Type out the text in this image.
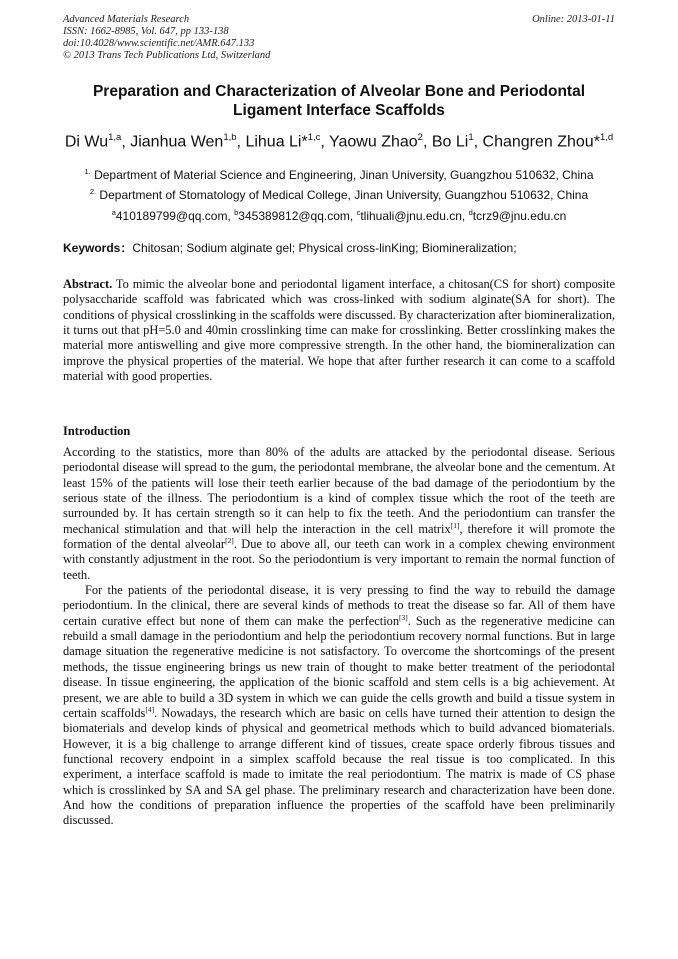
Advanced Materials Research
ISSN: 1662-8985, Vol. 647, pp 133-138
doi:10.4028/www.scientific.net/AMR.647.133
© 2013 Trans Tech Publications Ltd, Switzerland
Online: 2013-01-11
Preparation and Characterization of Alveolar Bone and Periodontal
Ligament Interface Scaffolds
Di Wu$^{1,a}$, Jianhua Wen$^{1,b}$, Lihua Li*$^{1,c}$, Yaowu Zhao$^2$, Bo Li$^1$, Changren Zhou*$^{1,d}$
$^{1.}$ Department of Material Science and Engineering, Jinan University, Guangzhou 510632, China
$^{2.}$ Department of Stomatology of Medical College, Jinan University, Guangzhou 510632, China
$^a$410189799@qq.com, $^b$345389812@qq.com, $^c$tlihuali@jnu.edu.cn, $^d$tcrz9@jnu.edu.cn
Keywords：Chitosan; Sodium alginate gel; Physical cross-linKing; Biomineralization;
Abstract. To mimic the alveolar bone and periodontal ligament interface, a chitosan(CS for short) composite polysaccharide scaffold was fabricated which was cross-linked with sodium alginate(SA for short). The conditions of physical crosslinking in the scaffolds were discussed. By characterization after biomineralization, it turns out that pH=5.0 and 40min crosslinking time can make for crosslinking. Better crosslinking makes the material more antiswelling and give more compressive strength. In the other hand, the biomineralization can improve the physical properties of the material. We hope that after further research it can come to a scaffold material with good properties.
Introduction

According to the statistics, more than 80% of the adults are attacked by the periodontal disease. Serious periodontal disease will spread to the gum, the periodontal membrane, the alveolar bone and the cementum. At least 15% of the patients will lose their teeth earlier because of the bad damage of the periodontium by the serious state of the illness. The periodontium is a kind of complex tissue which the root of the teeth are surrounded by. It has certain strength so it can help to fix the teeth. And the periodontium can transfer the mechanical stimulation and that will help the interaction in the cell matrix[1], therefore it will promote the formation of the dental alveolar[2]. Due to above all, our teeth can work in a complex chewing environment with constantly adjustment in the root. So the periodontium is very important to remain the normal function of teeth.

For the patients of the periodontal disease, it is very pressing to find the way to rebuild the damage periodontium. In the clinical, there are several kinds of methods to treat the disease so far. All of them have certain curative effect but none of them can make the perfection[3]. Such as the regenerative medicine can rebuild a small damage in the periodontium and help the periodontium recovery normal functions. But in large damage situation the regenerative medicine is not satisfactory. To overcome the shortcomings of the present methods, the tissue engineering brings us new train of thought to make better treatment of the periodontal disease. In tissue engineering, the application of the bionic scaffold and stem cells is a big achievement. At present, we are able to build a 3D system in which we can guide the cells growth and build a tissue system in certain scaffolds[4]. Nowadays, the research which are basic on cells have turned their attention to design the biomaterials and develop kinds of physical and geometrical methods which to build advanced biomaterials. However, it is a big challenge to arrange different kind of tissues, create space orderly fibrous tissues and functional recovery endpoint in a simplex scaffold because the real tissue is too complicated. In this experiment, a interface scaffold is made to imitate the real periodontium. The matrix is made of CS phase which is crosslinked by SA and SA gel phase. The preliminary research and characterization have been done. And how the conditions of preparation influence the properties of the scaffold have been preliminarily discussed.
